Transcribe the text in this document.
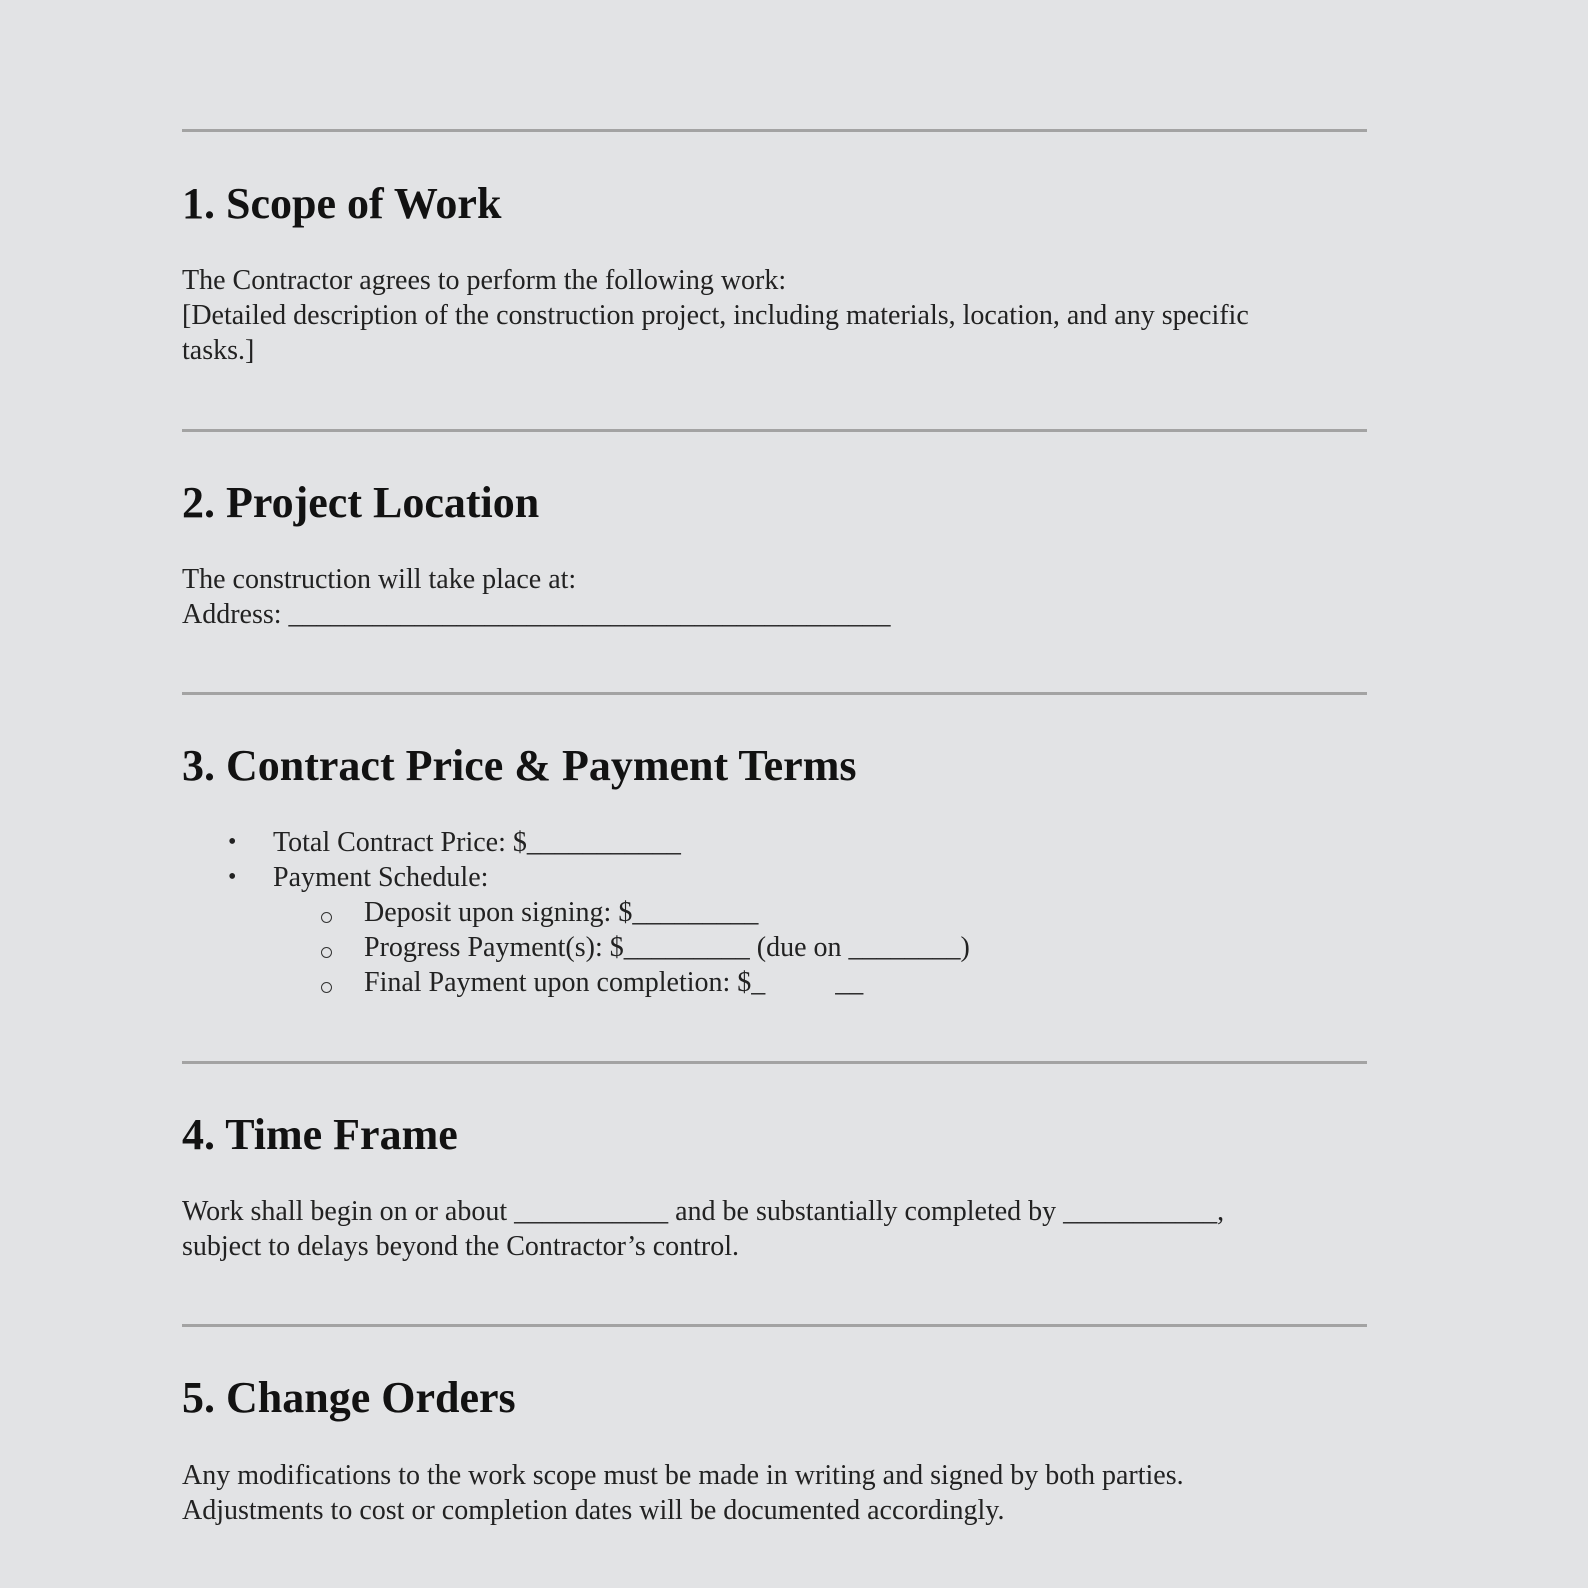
1. Scope of Work
The Contractor agrees to perform the following work:
[Detailed description of the construction project, including materials, location, and any specific
tasks.]
2. Project Location
The construction will take place at:
Address: ___________________________________________
3. Contract Price & Payment Terms
• Total Contract Price: $___________
• Payment Schedule:
Deposit upon signing: $_________
Progress Payment(s): $_________ (due on ________)
Final Payment upon completion: $_          __
4. Time Frame
Work shall begin on or about ___________ and be substantially completed by ___________,
subject to delays beyond the Contractor’s control.
5. Change Orders
Any modifications to the work scope must be made in writing and signed by both parties.
Adjustments to cost or completion dates will be documented accordingly.
